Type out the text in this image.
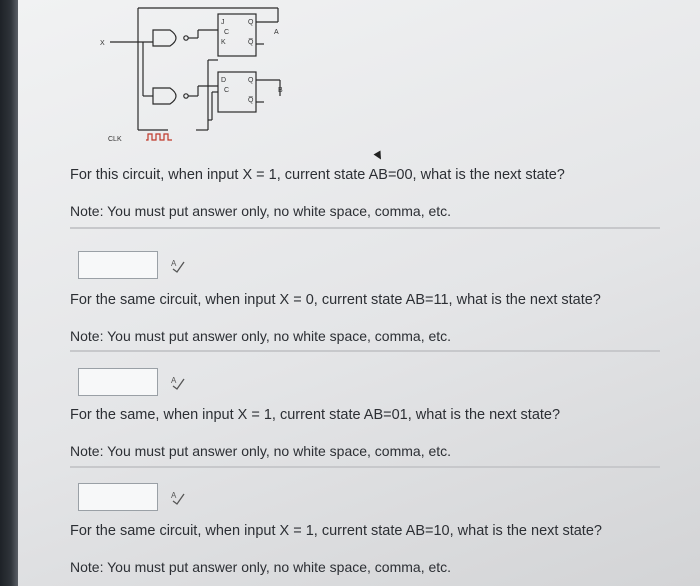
X
CLK
J
C
K
Q
Q̅
A
D
C
Q
Q̅
B
For this circuit, when input X = 1, current state AB=00, what is the next state?
Note: You must put answer only, no white space, comma, etc.
A
For the same circuit, when input X = 0, current state AB=11, what is the next state?
Note: You must put answer only, no white space, comma, etc.
A
For the same, when input X = 1, current state AB=01, what is the next state?
Note: You must put answer only, no white space, comma, etc.
A
For the same circuit, when input X = 1, current state AB=10, what is the next state?
Note: You must put answer only, no white space, comma, etc.
